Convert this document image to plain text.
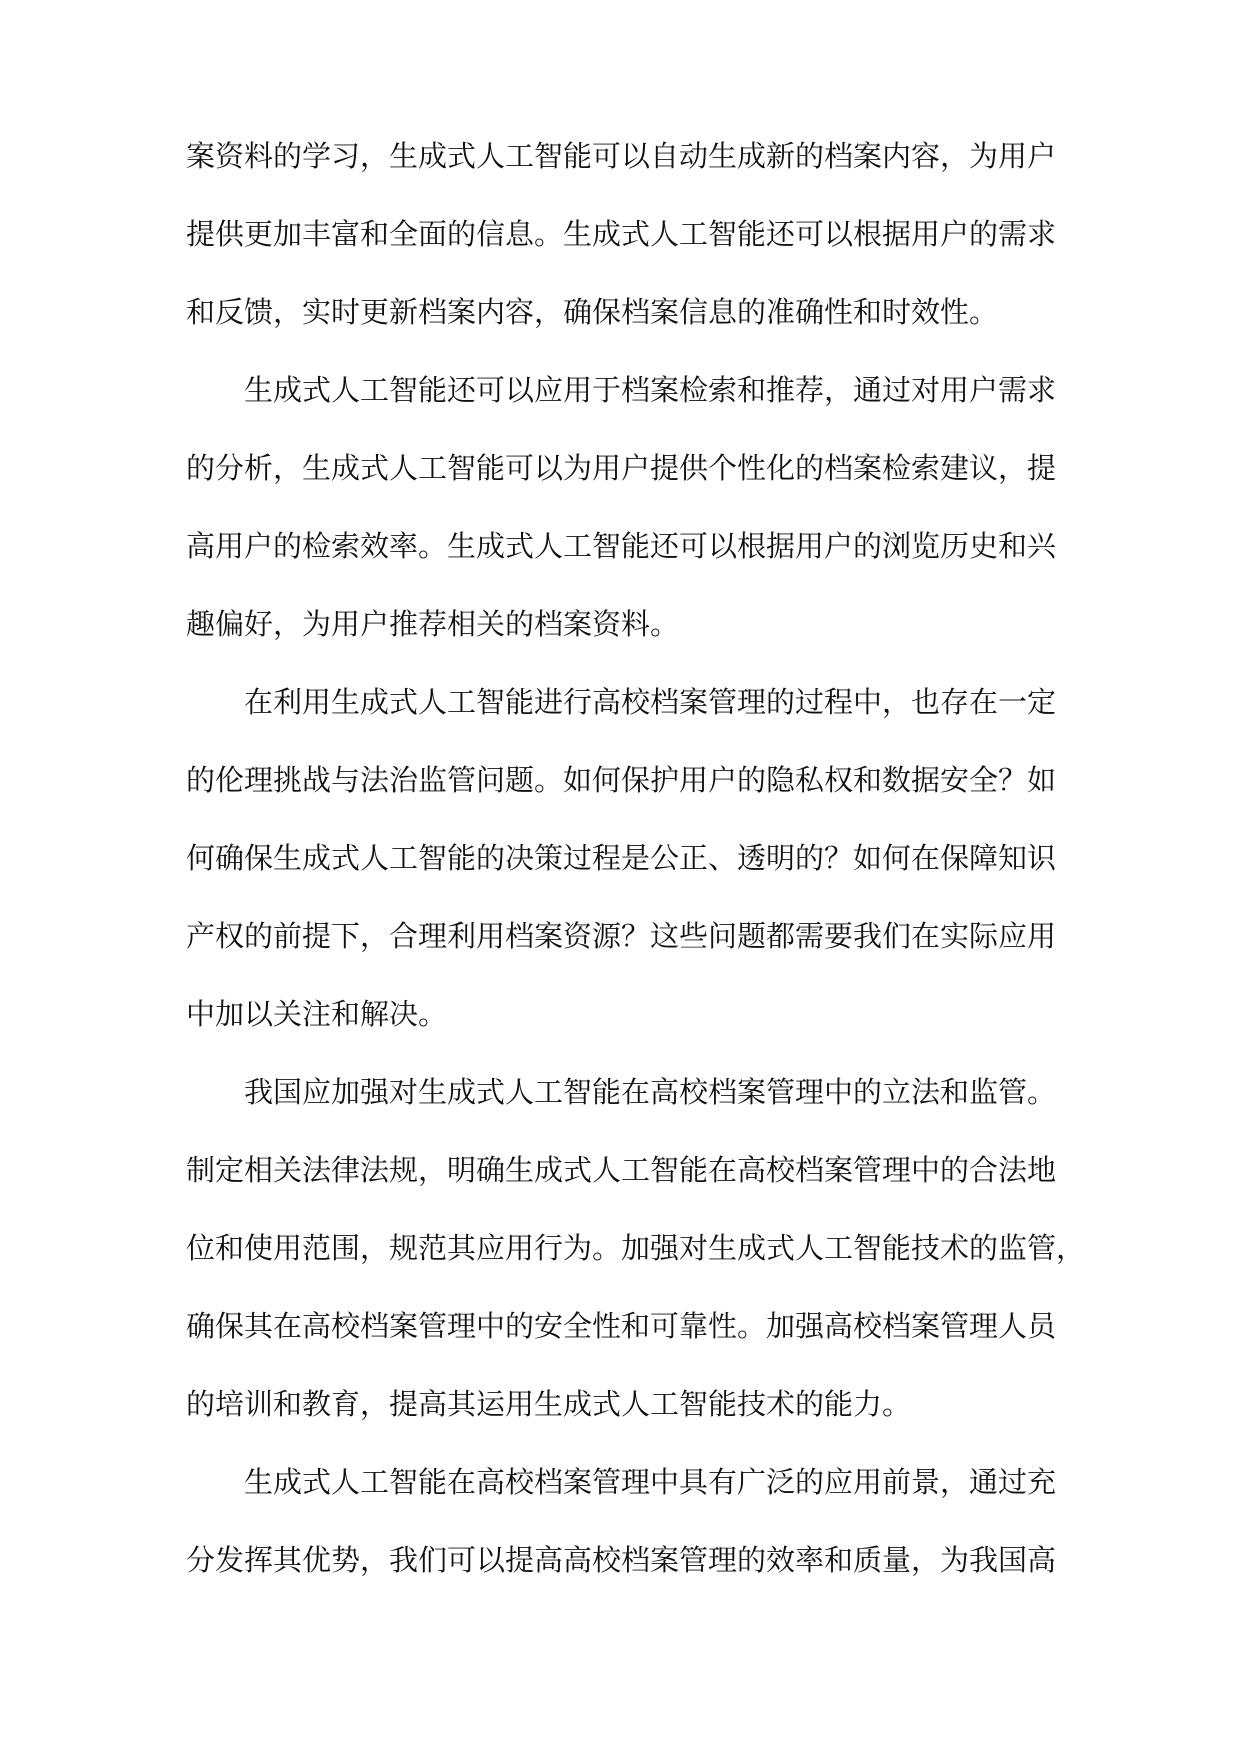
案资料的学习，生成式人工智能可以自动生成新的档案内容，为用户
提供更加丰富和全面的信息。生成式人工智能还可以根据用户的需求
和反馈，实时更新档案内容，确保档案信息的准确性和时效性。
生成式人工智能还可以应用于档案检索和推荐，通过对用户需求
的分析，生成式人工智能可以为用户提供个性化的档案检索建议，提
高用户的检索效率。生成式人工智能还可以根据用户的浏览历史和兴
趣偏好，为用户推荐相关的档案资料。
在利用生成式人工智能进行高校档案管理的过程中，也存在一定
的伦理挑战与法治监管问题。如何保护用户的隐私权和数据安全？如
何确保生成式人工智能的决策过程是公正、透明的？如何在保障知识
产权的前提下，合理利用档案资源？这些问题都需要我们在实际应用
中加以关注和解决。
我国应加强对生成式人工智能在高校档案管理中的立法和监管。
制定相关法律法规，明确生成式人工智能在高校档案管理中的合法地
位和使用范围，规范其应用行为。加强对生成式人工智能技术的监管，
确保其在高校档案管理中的安全性和可靠性。加强高校档案管理人员
的培训和教育，提高其运用生成式人工智能技术的能力。
生成式人工智能在高校档案管理中具有广泛的应用前景，通过充
分发挥其优势，我们可以提高高校档案管理的效率和质量，为我国高
